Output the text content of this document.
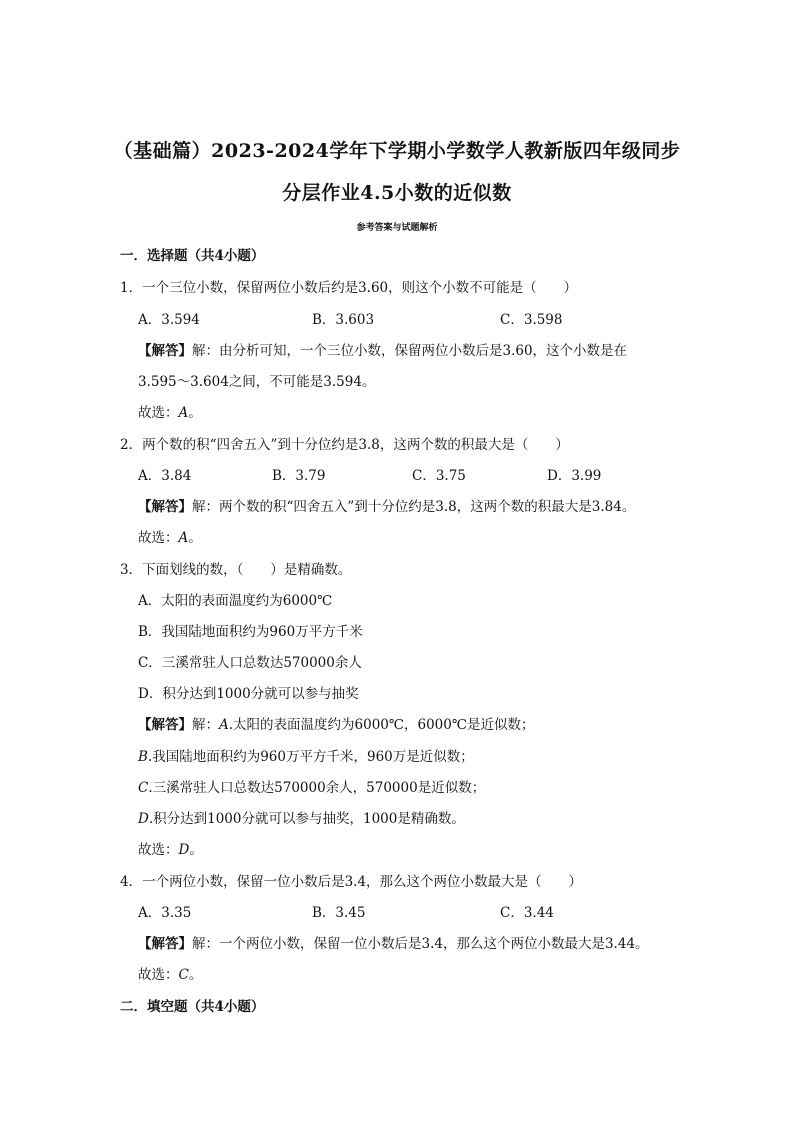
（基础篇）2023-2024学年下学期小学数学人教新版四年级同步
分层作业4.5小数的近似数
参考答案与试题解析
一．选择题（共4小题）
1．一个三位小数，保留两位小数后约是3.60，则这个小数不可能是（　　）
A．3.594	B．3.603	C．3.598
【解答】解：由分析可知，一个三位小数，保留两位小数后是3.60，这个小数是在
3.595～3.604之间，不可能是3.594。
故选：A。
2．两个数的积“四舍五入”到十分位约是3.8，这两个数的积最大是（　　）
A．3.84	B．3.79	C．3.75	D．3.99
【解答】解：两个数的积“四舍五入”到十分位约是3.8，这两个数的积最大是3.84。
故选：A。
3．下面划线的数，（　　）是精确数。
A．太阳的表面温度约为6000℃
B．我国陆地面积约为960万平方千米
C．三溪常驻人口总数达570000余人
D．积分达到1000分就可以参与抽奖
【解答】解：A.太阳的表面温度约为6000℃，6000℃是近似数；
B.我国陆地面积约为960万平方千米，960万是近似数；
C.三溪常驻人口总数达570000余人，570000是近似数；
D.积分达到1000分就可以参与抽奖，1000是精确数。
故选：D。
4．一个两位小数，保留一位小数后是3.4，那么这个两位小数最大是（　　）
A．3.35	B．3.45	C．3.44
【解答】解：一个两位小数，保留一位小数后是3.4，那么这个两位小数最大是3.44。
故选：C。
二．填空题（共4小题）
